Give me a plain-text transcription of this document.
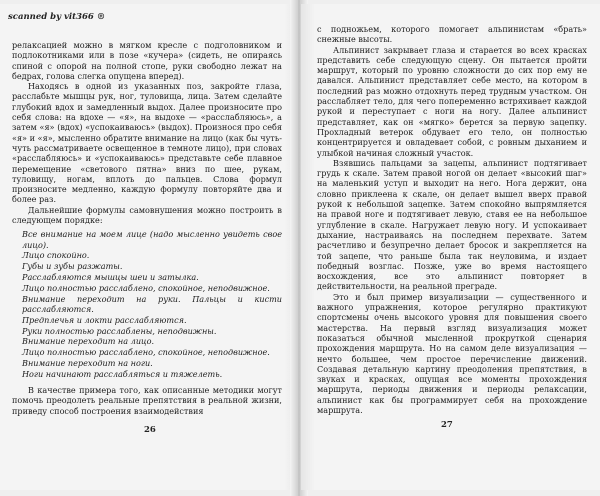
scanned by vit366 ®

релаксацией можно в мягком кресле с подголовником и подлокотниками или в позе «кучера» (сидеть, не опираясь спиной с опорой на полной стопе, руки свободно лежат на бедрах, голова слегка опущена вперед).

Находясь в одной из указанных поз, закройте глаза, расслабьте мышцы рук, ног, туловища, лица. Затем сделайте глубокий вдох и замедленный выдох. Далее произносите про себя слова: на вдохе — «я», на выдохе — «расслабляюсь», а затем «я» (вдох) «успокаиваюсь» (выдох). Произнося про себя «я» и «я», мысленно обратите внимание на лицо (как бы чуть-чуть рассматриваете освещенное в темноте лицо), при словах «расслабляюсь» и «успокаиваюсь» представьте себе плавное перемещение «светового пятна» вниз по шее, рукам, туловищу, ногам, вплоть до пальцев. Слова формул произносите медленно, каждую формулу повторяйте два и более раз.

Дальнейшие формулы самовнушения можно построить в следующем порядке:

Все внимание на моем лице (надо мысленно увидеть свое лицо).

Лицо спокойно.

Губы и зубы разжаты.

Расслабляются мышцы шеи и затылка.

Лицо полностью расслаблено, спокойное, неподвижное.

Внимание переходит на руки. Пальцы и кисти расслабляются.

Предплечья и локти расслабляются.

Руки полностью расслаблены, неподвижны.

Внимание переходит на лицо.

Лицо полностью расслаблено, спокойное, неподвижное.

Внимание переходит на ноги.

Ноги начинают расслабляться и тяжелеть.

В качестве примера того, как описанные методики могут помочь преодолеть реальные препятствия в реальной жизни, приведу способ построения взаимодействия

26

с подножьем, которого помогает альпинистам «брать» снежные высоты.

Альпинист закрывает глаза и старается во всех красках представить себе следующую сцену. Он пытается пройти маршрут, который по уровню сложности до сих пор ему не давался. Альпинист представляет себе место, на котором в последний раз можно отдохнуть перед трудным участком. Он расслабляет тело, для чего попеременно встряхивает каждой рукой и переступает с ноги на ногу. Далее альпинист представляет, как он «мягко» берется за первую зацепку. Прохладный ветерок обдувает его тело, он полностью концентрируется и овладевает собой, с ровным дыханием и улыбкой начиная сложный участок.

Взявшись пальцами за зацепы, альпинист подтягивает грудь к скале. Затем правой ногой он делает «высокий шаг» на маленький уступ и выходит на него. Нога держит, она словно приклеена к скале, он делает вышел вверх правой рукой к небольшой зацепке. Затем спокойно выпрямляется на правой ноге и подтягивает левую, ставя ее на небольшое углубление в скале. Нагружает левую ногу. И успокаивает дыхание, настраиваясь на последнем перехвате. Затем расчетливо и безупречно делает бросок и закрепляется на той зацепе, что раньше была так неуловима, и издает победный возглас. Позже, уже во время настоящего восхождения, все это альпинист повторяет в действительности, на реальной преграде.

Это и был пример визуализации — существенного и важного упражнения, которое регулярно практикуют спортсмены очень высокого уровня для повышения своего мастерства. На первый взгляд визуализация может показаться обычной мысленной прокруткой сценария прохождения маршрута. Но на самом деле визуализация — нечто большее, чем простое перечисление движений. Создавая детальную картину преодоления препятствия, в звуках и красках, ощущая все моменты прохождения маршрута, периоды движения и периоды релаксации, альпинист как бы программирует себя на прохождение маршрута.

27
